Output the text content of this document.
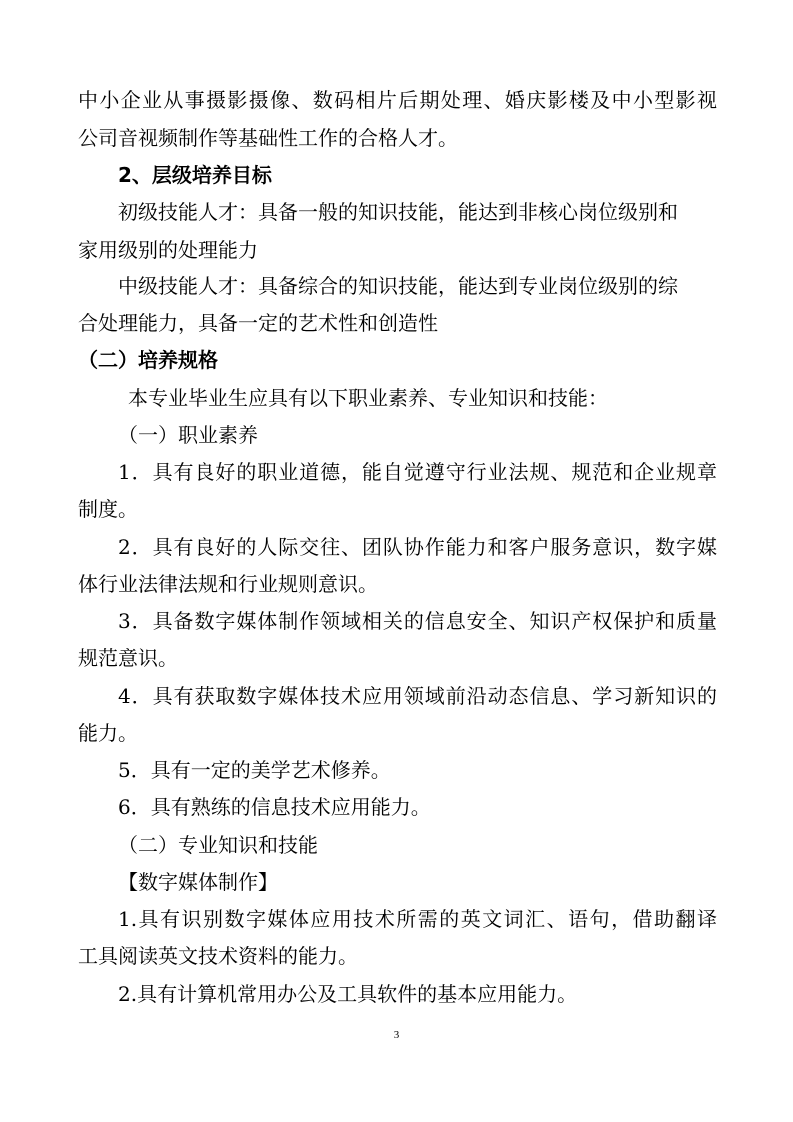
中小企业从事摄影摄像、数码相片后期处理、婚庆影楼及中小型影视
公司音视频制作等基础性工作的合格人才。
2、层级培养目标
初级技能人才：具备一般的知识技能，能达到非核心岗位级别和
家用级别的处理能力
中级技能人才：具备综合的知识技能，能达到专业岗位级别的综
合处理能力，具备一定的艺术性和创造性
（二）培养规格
本专业毕业生应具有以下职业素养、专业知识和技能：
（一）职业素养
1．具有良好的职业道德，能自觉遵守行业法规、规范和企业规章
制度。
2．具有良好的人际交往、团队协作能力和客户服务意识，数字媒
体行业法律法规和行业规则意识。
3．具备数字媒体制作领域相关的信息安全、知识产权保护和质量
规范意识。
4．具有获取数字媒体技术应用领域前沿动态信息、学习新知识的
能力。
5．具有一定的美学艺术修养。
6．具有熟练的信息技术应用能力。
（二）专业知识和技能
【数字媒体制作】
1.具有识别数字媒体应用技术所需的英文词汇、语句，借助翻译
工具阅读英文技术资料的能力。
2.具有计算机常用办公及工具软件的基本应用能力。
3
